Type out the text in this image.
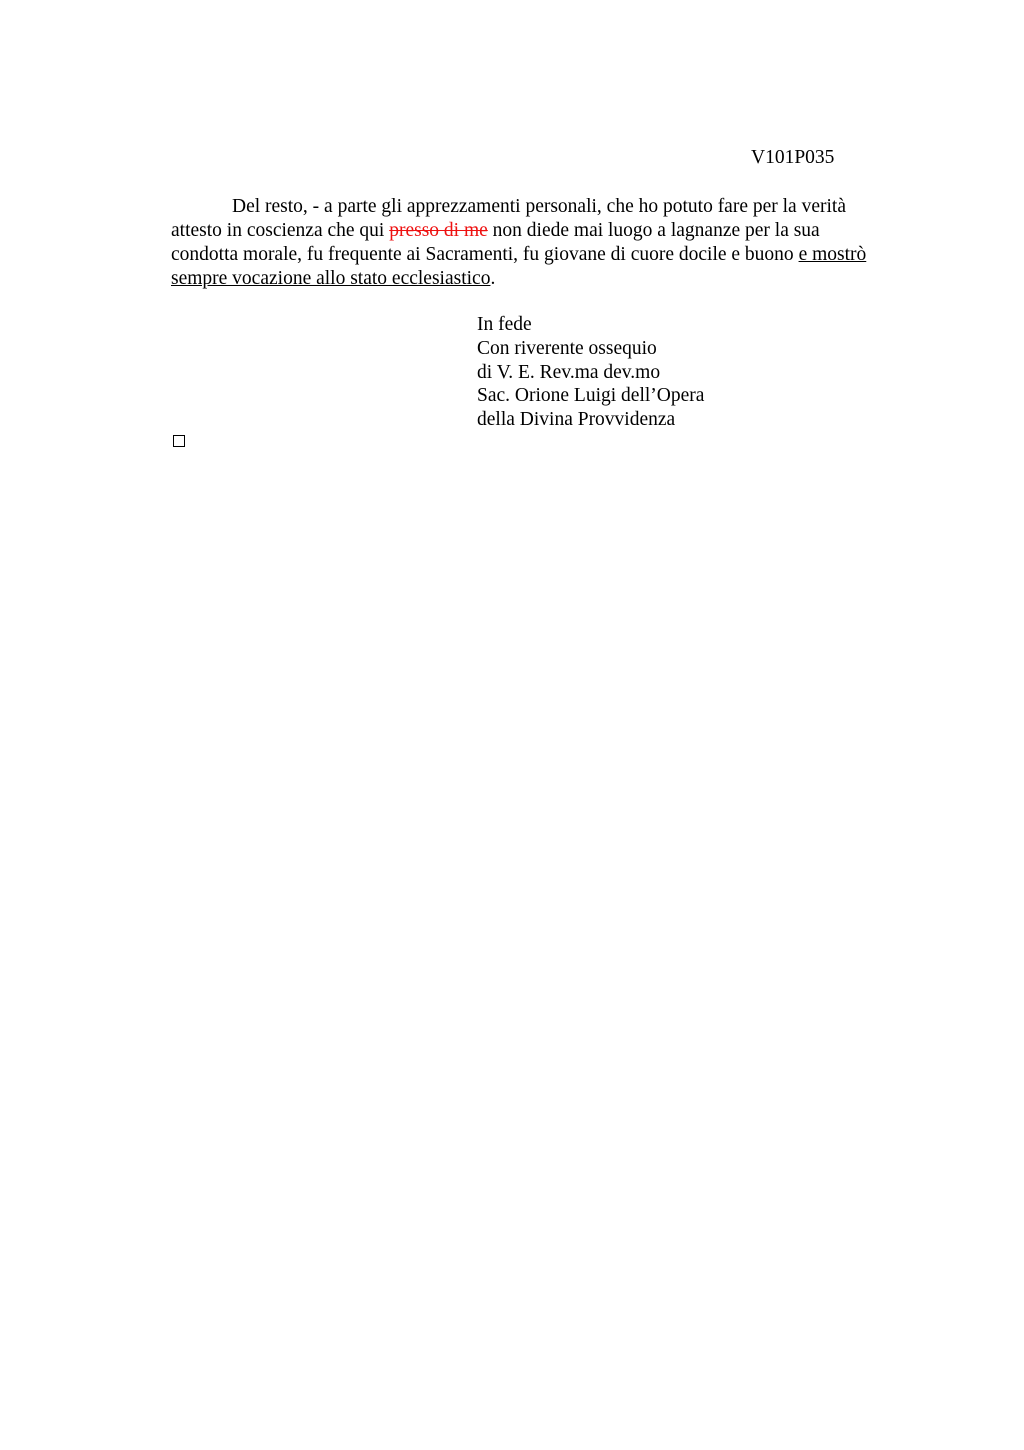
V101P035
Del resto, - a parte gli apprezzamenti personali, che ho potuto fare per la verità
attesto in coscienza che qui presso di me non diede mai luogo a lagnanze per la sua
condotta morale, fu frequente ai Sacramenti, fu giovane di cuore docile e buono e mostrò
sempre vocazione allo stato ecclesiastico.
In fede
Con riverente ossequio
di V. E. Rev.ma dev.mo
Sac. Orione Luigi dell’Opera
della Divina Provvidenza
